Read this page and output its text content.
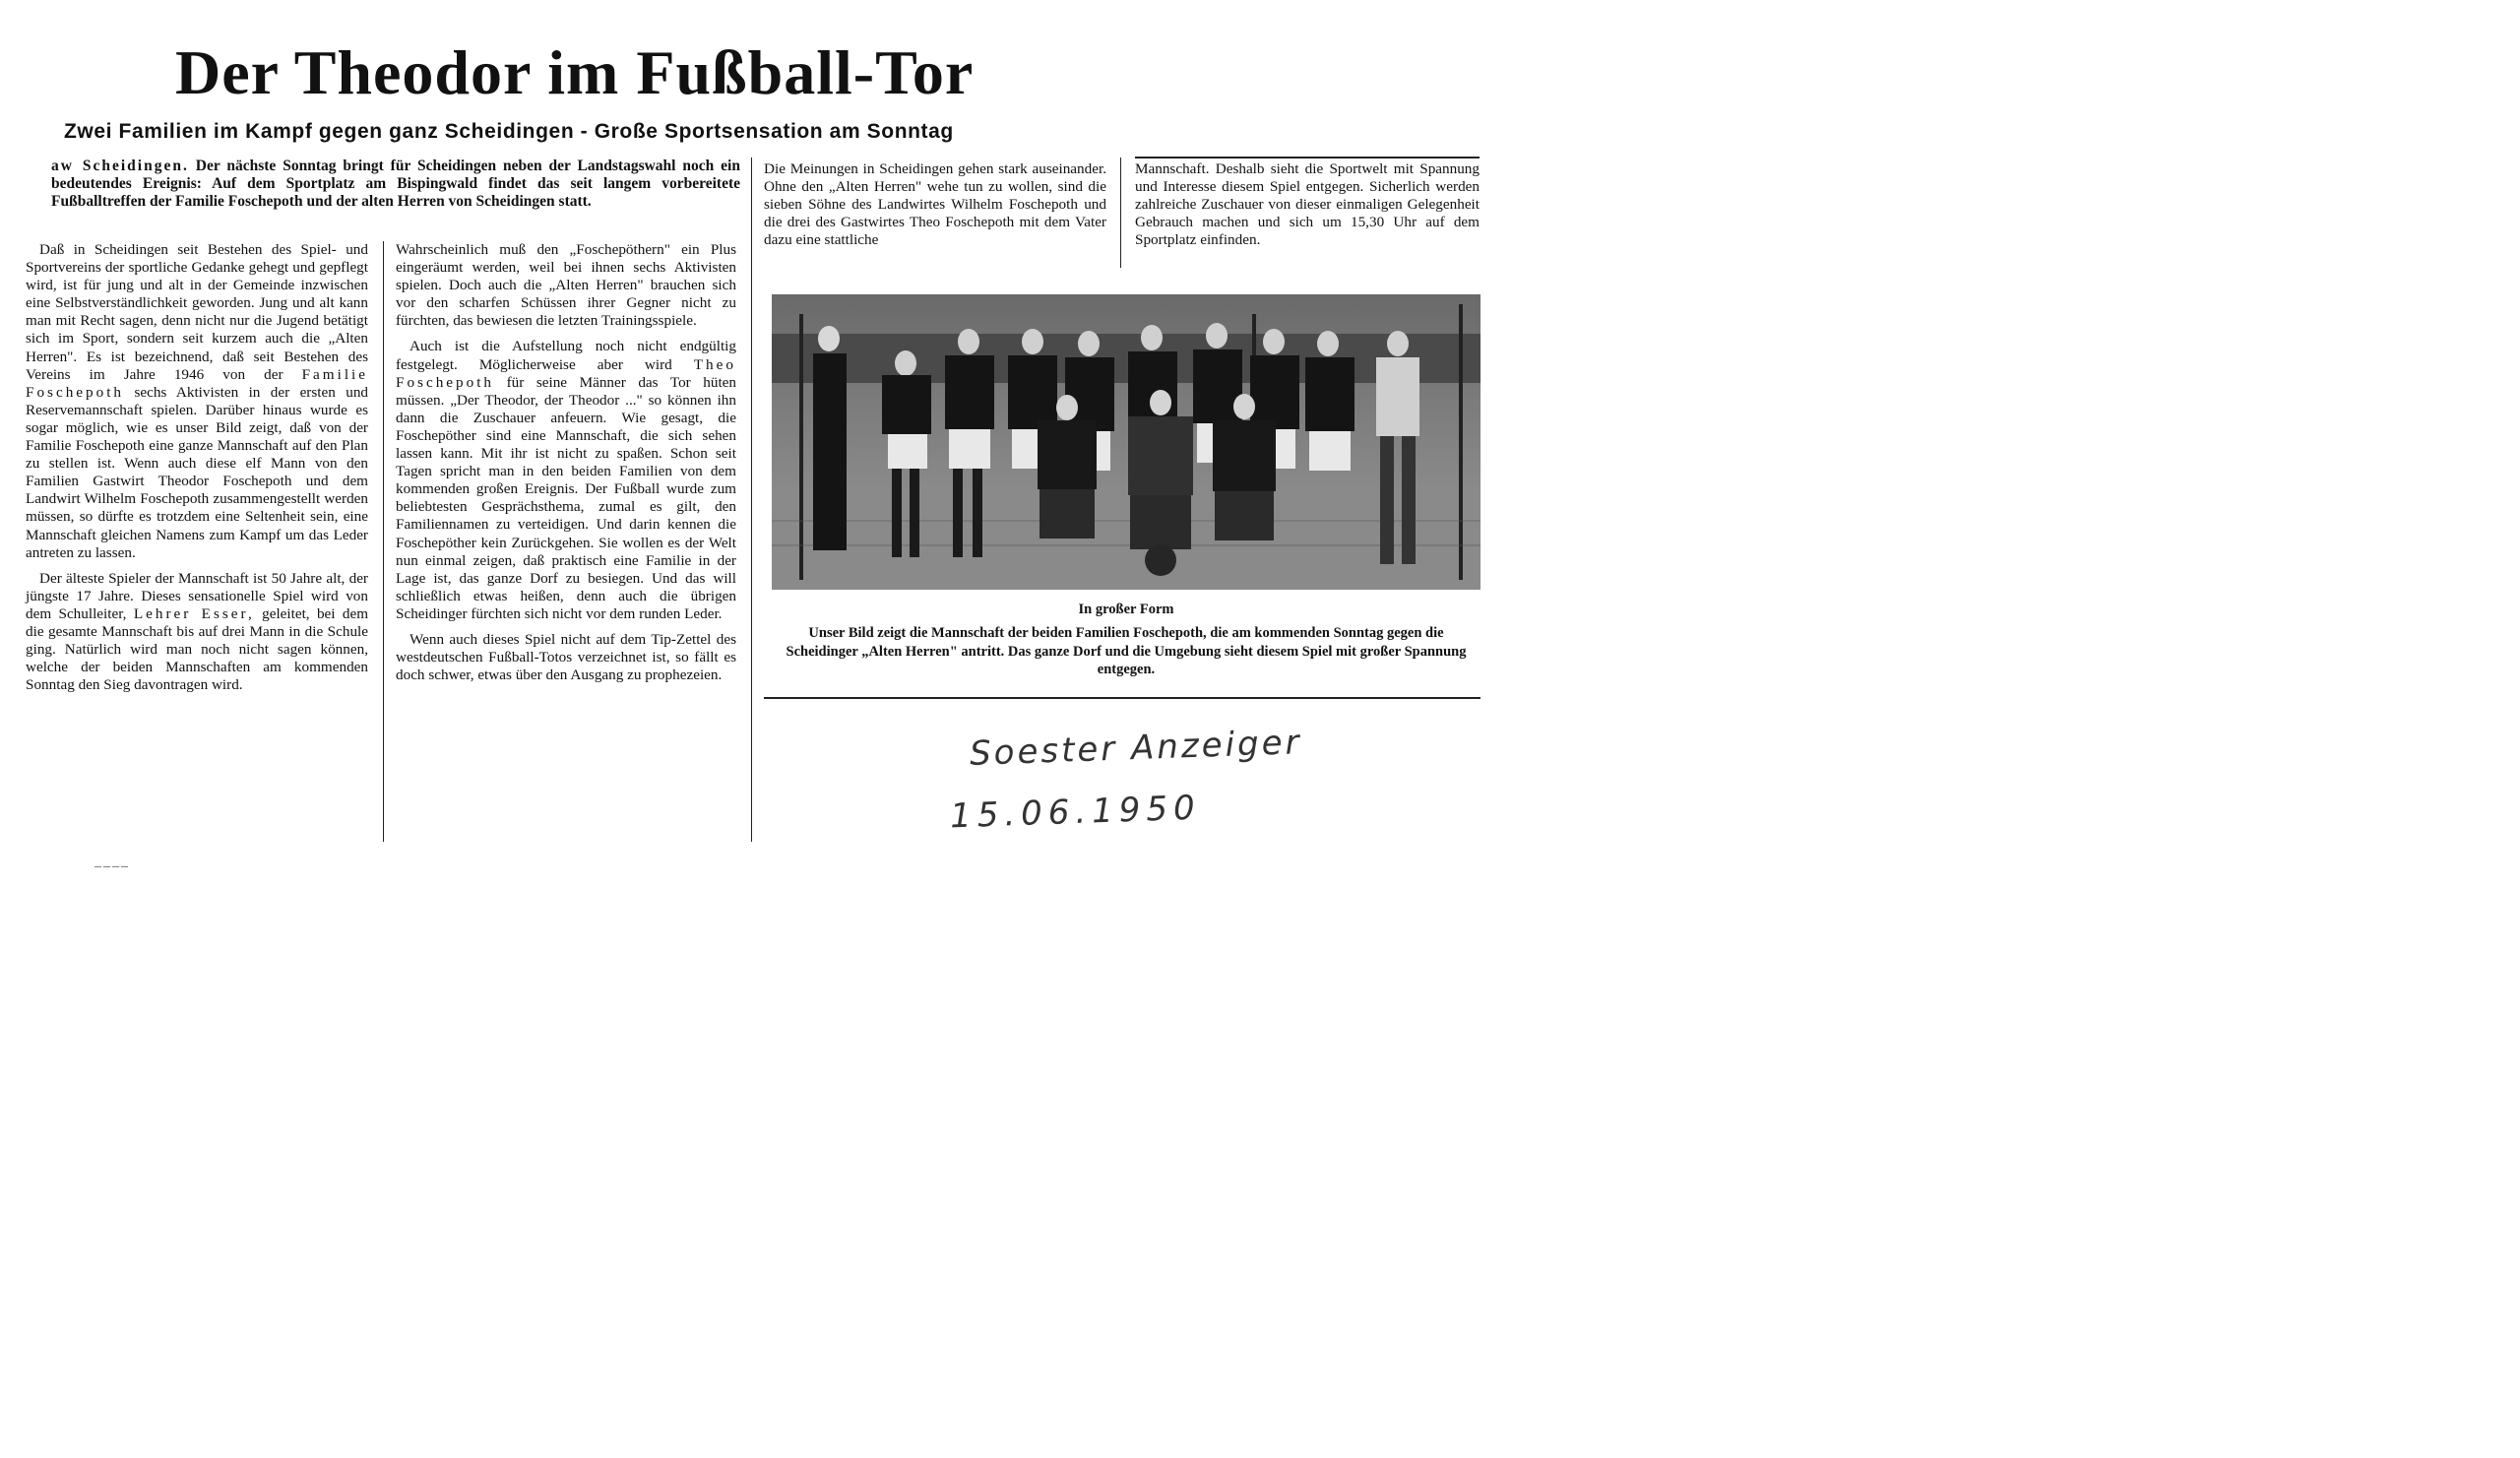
Der Theodor im Fußball-Tor
Zwei Familien im Kampf gegen ganz Scheidingen - Große Sportsensation am Sonntag
aw Scheidingen. Der nächste Sonntag bringt für Scheidingen neben der Landstagswahl noch ein bedeutendes Ereignis: Auf dem Sportplatz am Bispingwald findet das seit langem vorbereitete Fußballtreffen der Familie Foschepoth und der alten Herren von Scheidingen statt.

Daß in Scheidingen seit Bestehen des Spiel- und Sportvereins der sportliche Gedanke gehegt und gepflegt wird, ist für jung und alt in der Gemeinde inzwischen eine Selbstverständlichkeit geworden. Jung und alt kann man mit Recht sagen, denn nicht nur die Jugend betätigt sich im Sport, sondern seit kurzem auch die „Alten Herren". Es ist bezeichnend, daß seit Bestehen des Vereins im Jahre 1946 von der Familie Foschepoth sechs Aktivisten in der ersten und Reservemannschaft spielen. Darüber hinaus wurde es sogar möglich, wie es unser Bild zeigt, daß von der Familie Foschepoth eine ganze Mannschaft auf den Plan zu stellen ist. Wenn auch diese elf Mann von den Familien Gastwirt Theodor Foschepoth und dem Landwirt Wilhelm Foschepoth zusammengestellt werden müssen, so dürfte es trotzdem eine Seltenheit sein, eine Mannschaft gleichen Namens zum Kampf um das Leder antreten zu lassen.

Der älteste Spieler der Mannschaft ist 50 Jahre alt, der jüngste 17 Jahre. Dieses sensationelle Spiel wird von dem Schulleiter, Lehrer Esser, geleitet, bei dem die gesamte Mannschaft bis auf drei Mann in die Schule ging. Natürlich wird man noch nicht sagen können, welche der beiden Mannschaften am kommenden Sonntag den Sieg davontragen wird.

Wahrscheinlich muß den „Foschepöthern" ein Plus eingeräumt werden, weil bei ihnen sechs Aktivisten spielen. Doch auch die „Alten Herren" brauchen sich vor den scharfen Schüssen ihrer Gegner nicht zu fürchten, das bewiesen die letzten Trainingsspiele.

Auch ist die Aufstellung noch nicht endgültig festgelegt. Möglicherweise aber wird Theo Foschepoth für seine Männer das Tor hüten müssen. „Der Theodor, der Theodor ..." so können ihn dann die Zuschauer anfeuern. Wie gesagt, die Foschepöther sind eine Mannschaft, die sich sehen lassen kann. Mit ihr ist nicht zu spaßen. Schon seit Tagen spricht man in den beiden Familien von dem kommenden großen Ereignis. Der Fußball wurde zum beliebtesten Gesprächsthema, zumal es gilt, den Familiennamen zu verteidigen. Und darin kennen die Foschepöther kein Zurückgehen. Sie wollen es der Welt nun einmal zeigen, daß praktisch eine Familie in der Lage ist, das ganze Dorf zu besiegen. Und das will schließlich etwas heißen, denn auch die übrigen Scheidinger fürchten sich nicht vor dem runden Leder.

Wenn auch dieses Spiel nicht auf dem Tip-Zettel des westdeutschen Fußball-Totos verzeichnet ist, so fällt es doch schwer, etwas über den Ausgang zu prophezeien.

Die Meinungen in Scheidingen gehen stark auseinander. Ohne den „Alten Herren" wehe tun zu wollen, sind die sieben Söhne des Landwirtes Wilhelm Foschepoth und die drei des Gastwirtes Theo Foschepoth mit dem Vater dazu eine stattliche

Mannschaft. Deshalb sieht die Sportwelt mit Spannung und Interesse diesem Spiel entgegen. Sicherlich werden zahlreiche Zuschauer von dieser einmaligen Gelegenheit Gebrauch machen und sich um 15,30 Uhr auf dem Sportplatz einfinden.

In großer Form
Unser Bild zeigt die Mannschaft der beiden Familien Foschepoth, die am kommenden Sonntag gegen die Scheidinger „Alten Herren" antritt. Das ganze Dorf und die Umgebung sieht diesem Spiel mit großer Spannung entgegen.
Soester Anzeiger
15.06.1950
____
